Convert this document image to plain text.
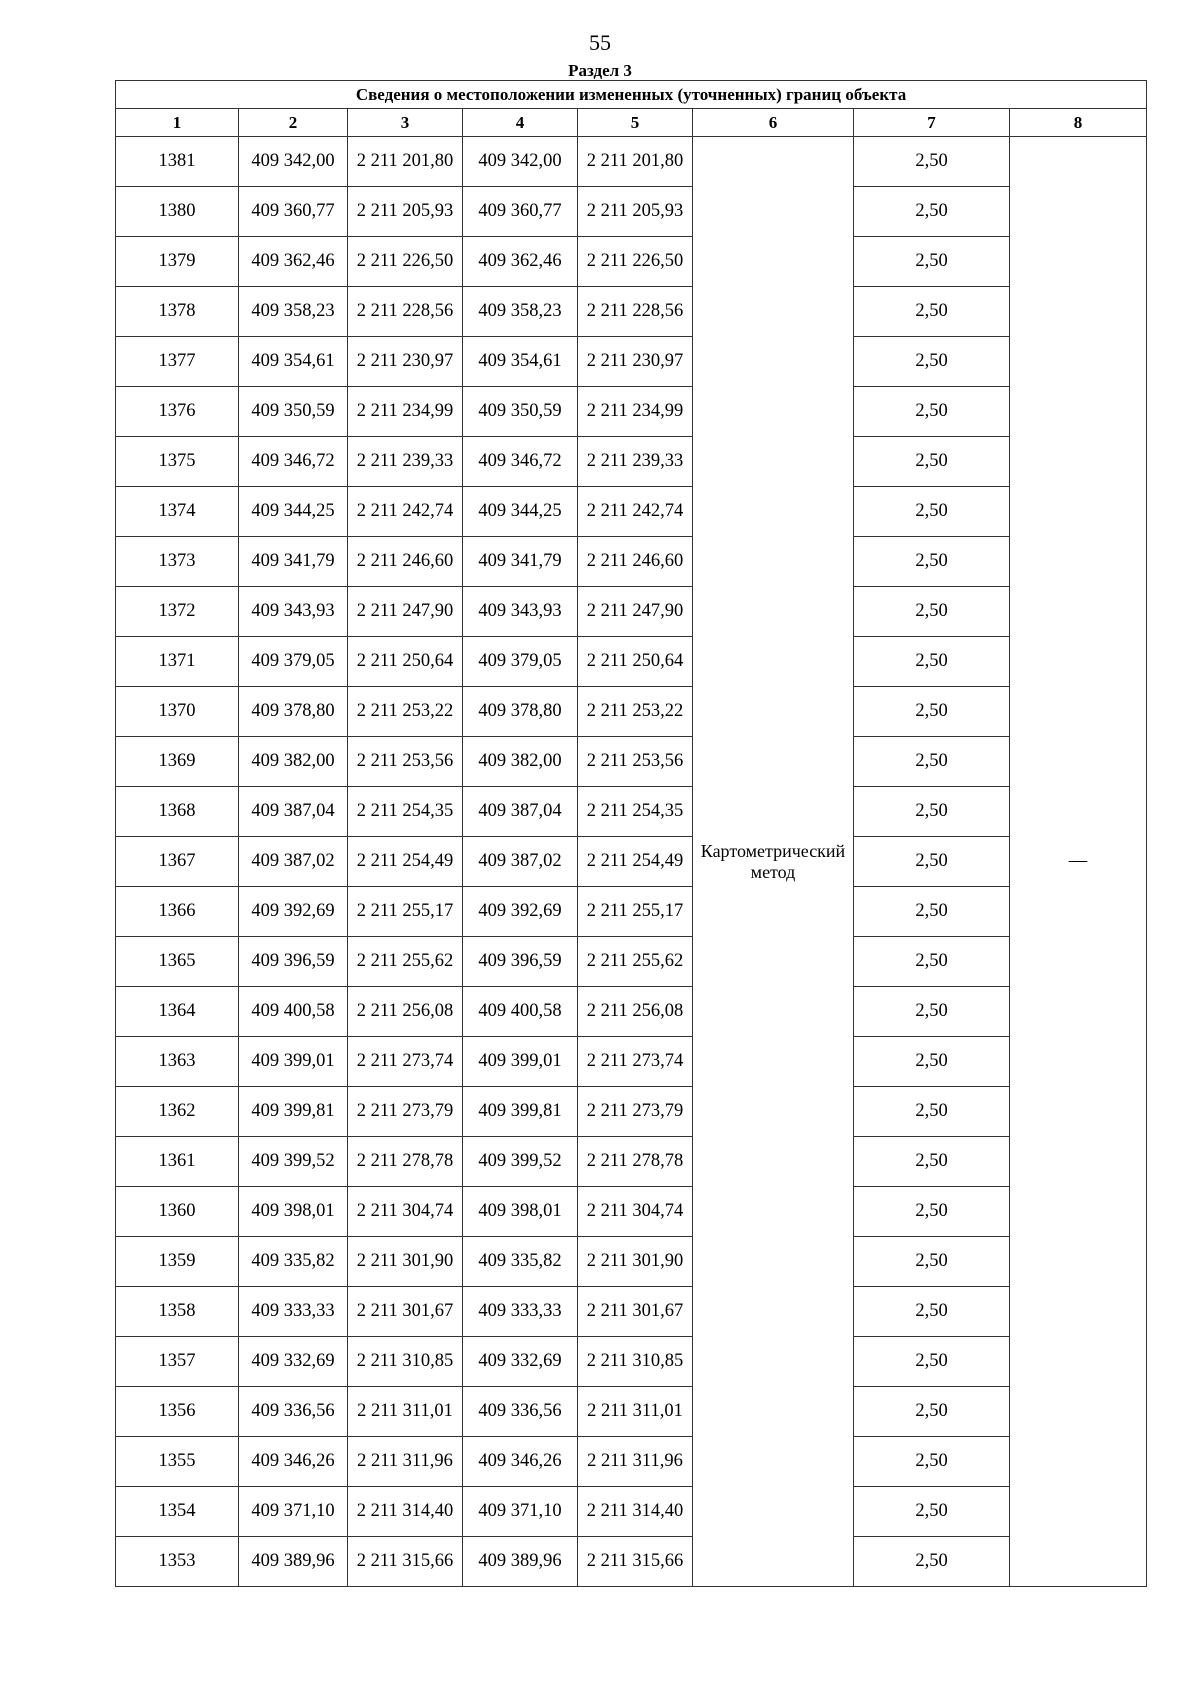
55
Раздел 3
Сведения о местоположении измененных (уточненных) границ объекта							
1	2	3	4	5	6	7	8
1381	409 342,00	2 211 201,80	409 342,00	2 211 201,80	Картометрический метод	2,50	—
1380	409 360,77	2 211 205,93	409 360,77	2 211 205,93		2,50	
1379	409 362,46	2 211 226,50	409 362,46	2 211 226,50		2,50	
1378	409 358,23	2 211 228,56	409 358,23	2 211 228,56		2,50	
1377	409 354,61	2 211 230,97	409 354,61	2 211 230,97		2,50	
1376	409 350,59	2 211 234,99	409 350,59	2 211 234,99		2,50	
1375	409 346,72	2 211 239,33	409 346,72	2 211 239,33		2,50	
1374	409 344,25	2 211 242,74	409 344,25	2 211 242,74		2,50	
1373	409 341,79	2 211 246,60	409 341,79	2 211 246,60		2,50	
1372	409 343,93	2 211 247,90	409 343,93	2 211 247,90		2,50	
1371	409 379,05	2 211 250,64	409 379,05	2 211 250,64		2,50	
1370	409 378,80	2 211 253,22	409 378,80	2 211 253,22		2,50	
1369	409 382,00	2 211 253,56	409 382,00	2 211 253,56		2,50	
1368	409 387,04	2 211 254,35	409 387,04	2 211 254,35		2,50	
1367	409 387,02	2 211 254,49	409 387,02	2 211 254,49		2,50	
1366	409 392,69	2 211 255,17	409 392,69	2 211 255,17		2,50	
1365	409 396,59	2 211 255,62	409 396,59	2 211 255,62		2,50	
1364	409 400,58	2 211 256,08	409 400,58	2 211 256,08		2,50	
1363	409 399,01	2 211 273,74	409 399,01	2 211 273,74		2,50	
1362	409 399,81	2 211 273,79	409 399,81	2 211 273,79		2,50	
1361	409 399,52	2 211 278,78	409 399,52	2 211 278,78		2,50	
1360	409 398,01	2 211 304,74	409 398,01	2 211 304,74		2,50	
1359	409 335,82	2 211 301,90	409 335,82	2 211 301,90		2,50	
1358	409 333,33	2 211 301,67	409 333,33	2 211 301,67		2,50	
1357	409 332,69	2 211 310,85	409 332,69	2 211 310,85		2,50	
1356	409 336,56	2 211 311,01	409 336,56	2 211 311,01		2,50	
1355	409 346,26	2 211 311,96	409 346,26	2 211 311,96		2,50	
1354	409 371,10	2 211 314,40	409 371,10	2 211 314,40		2,50	
1353	409 389,96	2 211 315,66	409 389,96	2 211 315,66		2,50	
